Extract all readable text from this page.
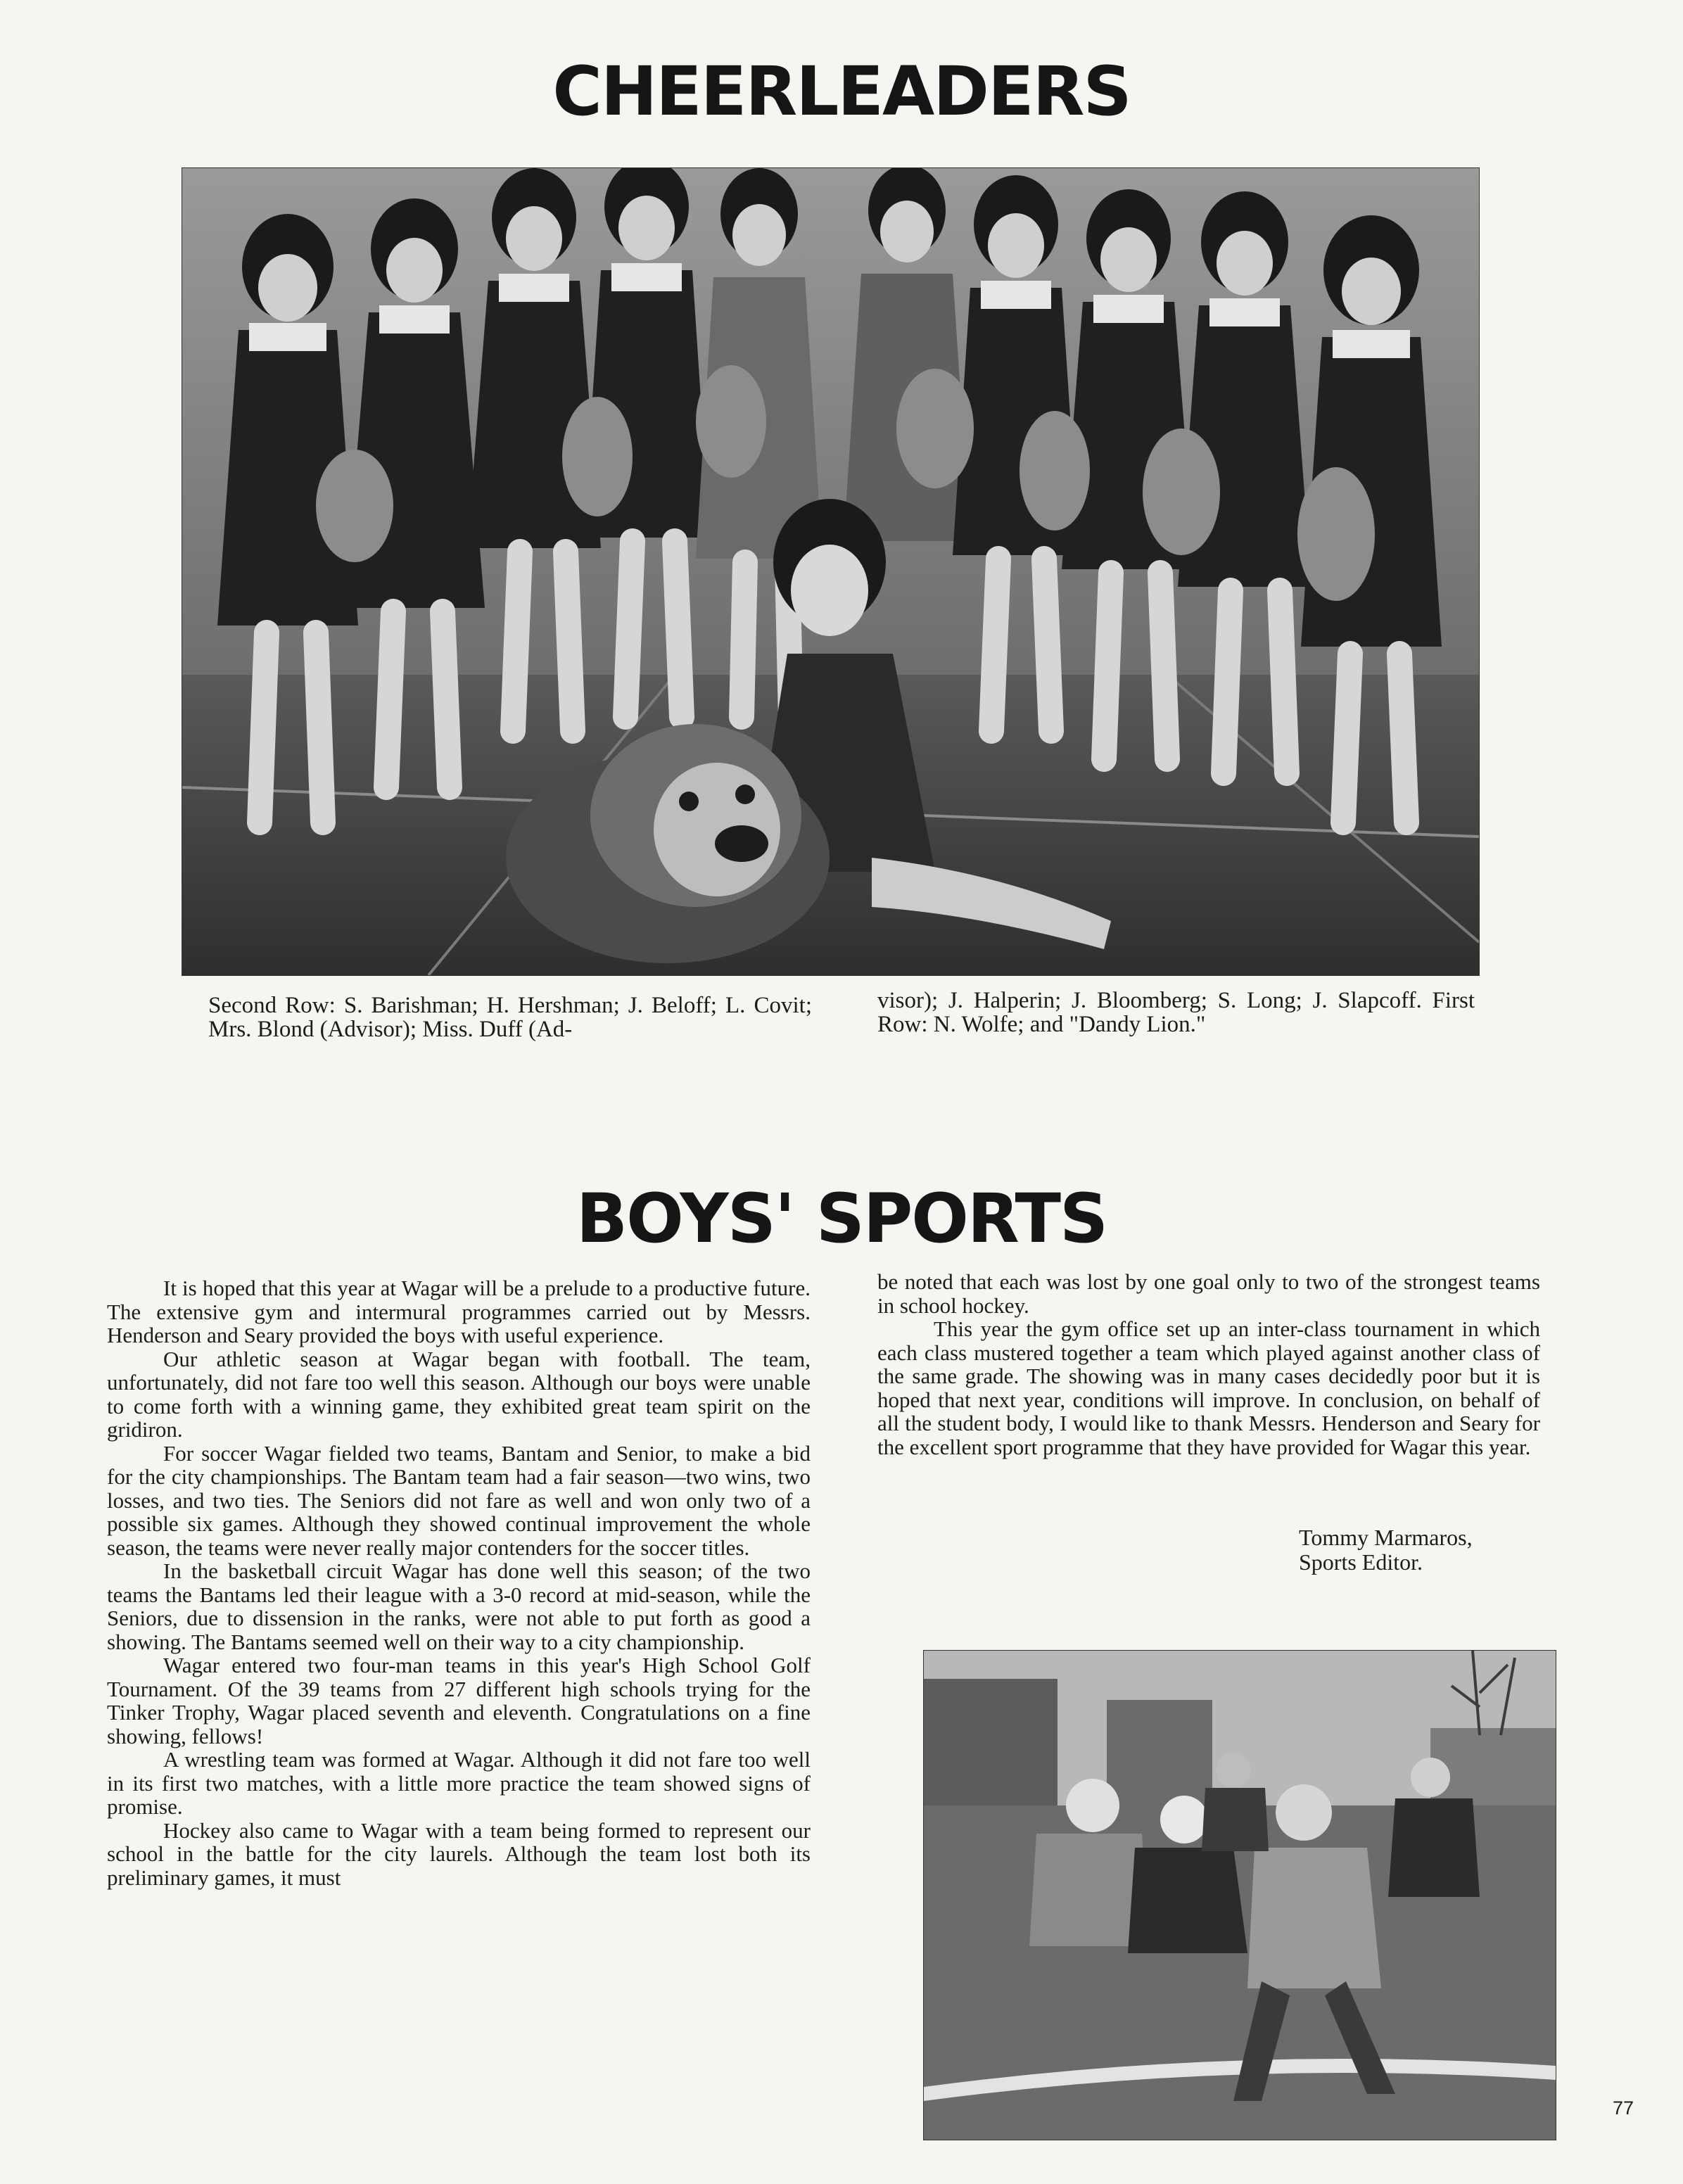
CHEERLEADERS

Second Row: S. Barishman; H. Hershman; J. Beloff; L. Covit; Mrs. Blond (Advisor); Miss. Duff (Ad-

visor); J. Halperin; J. Bloomberg; S. Long; J. Slapcoff. First Row: N. Wolfe; and "Dandy Lion."

BOYS' SPORTS

It is hoped that this year at Wagar will be a prelude to a productive future. The extensive gym and intermural programmes carried out by Messrs. Henderson and Seary provided the boys with useful experience.

Our athletic season at Wagar began with football. The team, unfortunately, did not fare too well this season. Although our boys were unable to come forth with a winning game, they exhibited great team spirit on the gridiron.

For soccer Wagar fielded two teams, Bantam and Senior, to make a bid for the city championships. The Bantam team had a fair season—two wins, two losses, and two ties. The Seniors did not fare as well and won only two of a possible six games. Although they showed continual improvement the whole season, the teams were never really major contenders for the soccer titles.

In the basketball circuit Wagar has done well this season; of the two teams the Bantams led their league with a 3-0 record at mid-season, while the Seniors, due to dissension in the ranks, were not able to put forth as good a showing. The Bantams seemed well on their way to a city championship.

Wagar entered two four-man teams in this year's High School Golf Tournament. Of the 39 teams from 27 different high schools trying for the Tinker Trophy, Wagar placed seventh and eleventh. Congratulations on a fine showing, fellows!

A wrestling team was formed at Wagar. Although it did not fare too well in its first two matches, with a little more practice the team showed signs of promise.

Hockey also came to Wagar with a team being formed to represent our school in the battle for the city laurels. Although the team lost both its preliminary games, it must

be noted that each was lost by one goal only to two of the strongest teams in school hockey.

This year the gym office set up an inter-class tournament in which each class mustered together a team which played against another class of the same grade. The showing was in many cases decidedly poor but it is hoped that next year, conditions will improve. In conclusion, on behalf of all the student body, I would like to thank Messrs. Henderson and Seary for the excellent sport programme that they have provided for Wagar this year.

Tommy Marmaros,
Sports Editor.
77
